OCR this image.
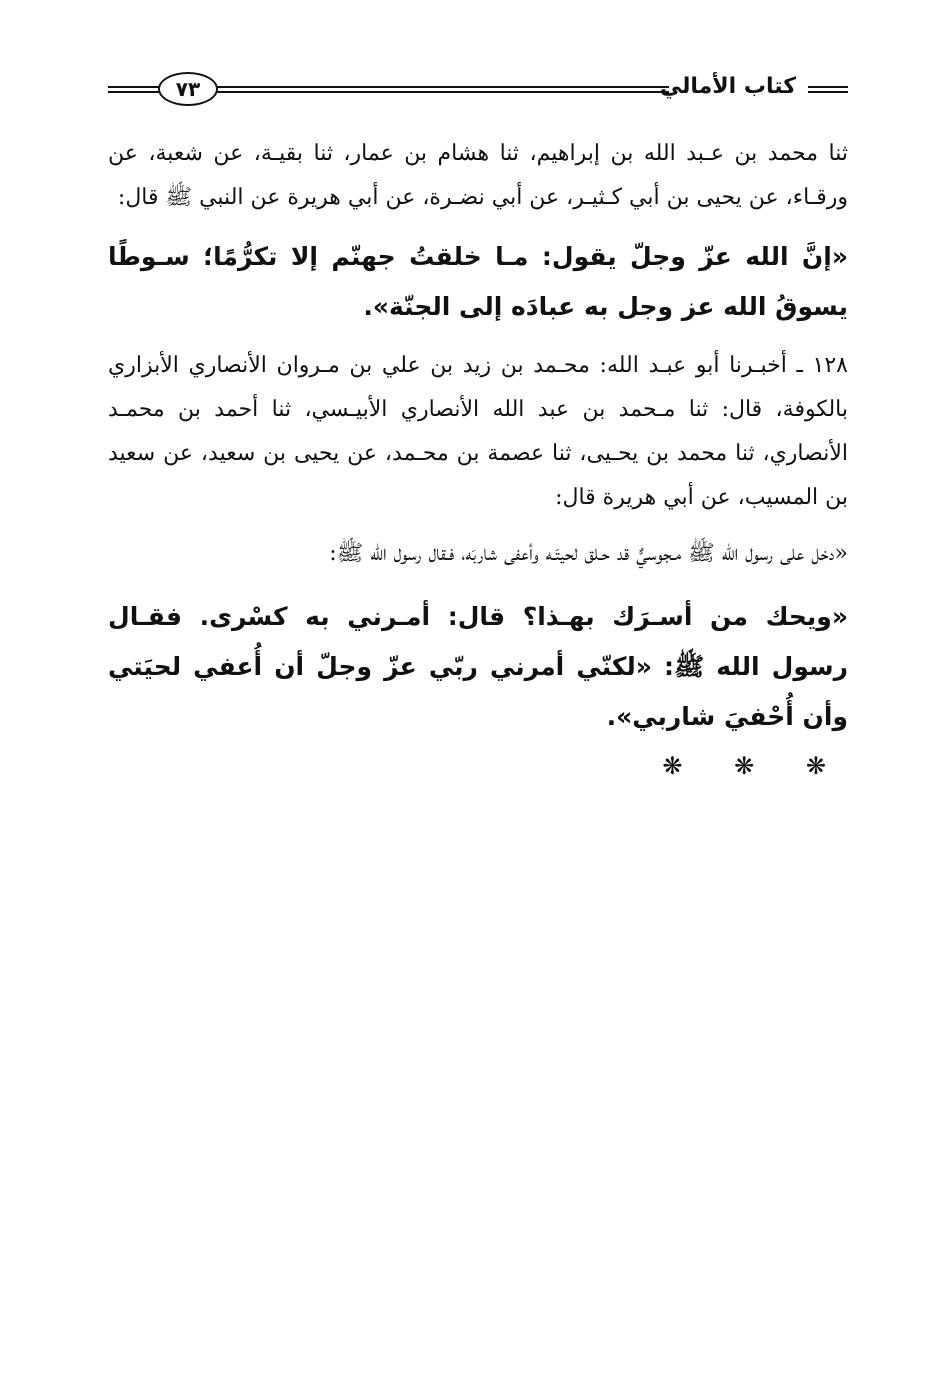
كتاب الأمالي
٧٣

ثنا محمد بن عـبد الله بن إبراهيم، ثنا هشام بن عمار، ثنا بقيـة، عن شعبة، عن ورقـاء، عن يحيى بن أبي كـثيـر، عن أبي نضـرة، عن أبي هريرة عن النبي ﷺ قال:

«إنَّ الله عزّ وجلّ يقول: مـا خلقتُ جهنّم إلا تكرُّمًا؛ سـوطًا يسوقُ الله عز وجل به عبادَه إلى الجنّة».

١٢٨ ـ أخبـرنا أبو عبـد الله: محـمد بن زيد بن علي بن مـروان الأنصاري الأبزاري بالكوفة، قال: ثنا مـحمد بن عبد الله الأنصاري الأبيـسي، ثنا أحمد بن محمـد الأنصاري، ثنا محمد بن يحـيى، ثنا عصمة بن محـمد، عن يحيى بن سعيد، عن سعيد بن المسيب، عن أبي هريرة قال:

«دخل على رسول الله ﷺ مـجوسيٌّ قد حـلق لحيتَـه وأعفى شاربَه، فـقال رسول الله ﷺ:

«ويحك من أسـرَك بهـذا؟ قال: أمـرني به كسْرى. فقـال رسول الله ﷺ: «لكنّي أمرني ربّي عزّ وجلّ أن أُعفي لحيَتي وأن أُحْفيَ شاربي».

❋ ❋ ❋
